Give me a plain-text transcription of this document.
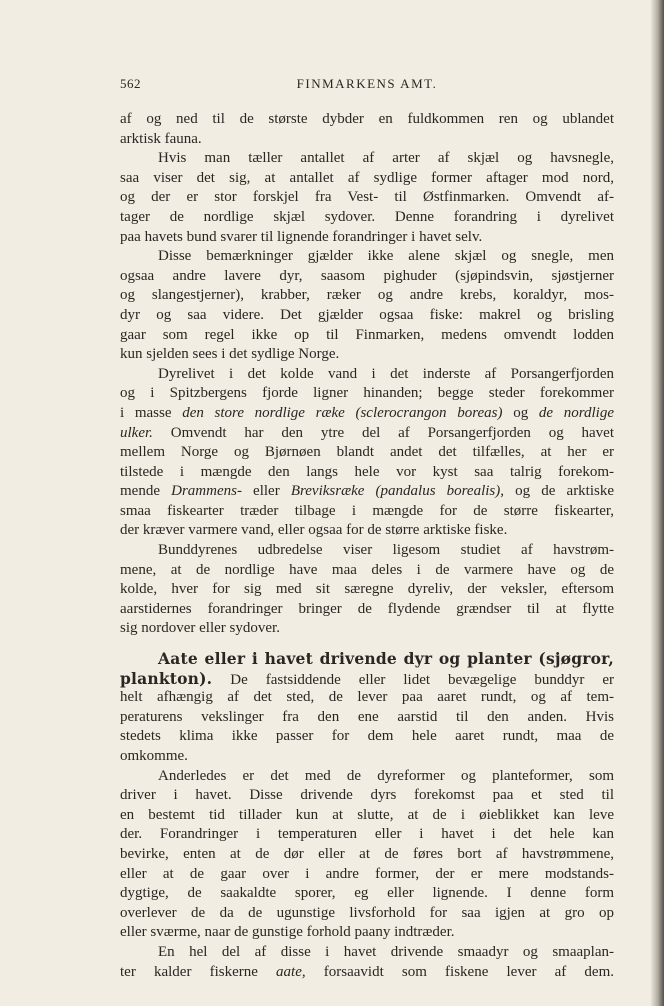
562	FINMARKENS AMT.
af og ned til de største dybder en fuldkommen ren og ublandet
arktisk fauna.
Hvis man tæller antallet af arter af skjæl og havsnegle,
saa viser det sig, at antallet af sydlige former aftager mod nord,
og der er stor forskjel fra Vest- til Østfinmarken. Omvendt af-
tager de nordlige skjæl sydover. Denne forandring i dyrelivet
paa havets bund svarer til lignende forandringer i havet selv.
Disse bemærkninger gjælder ikke alene skjæl og snegle, men
ogsaa andre lavere dyr, saasom pighuder (sjøpindsvin, sjøstjerner
og slangestjerner), krabber, ræker og andre krebs, koraldyr, mos-
dyr og saa videre. Det gjælder ogsaa fiske: makrel og brisling
gaar som regel ikke op til Finmarken, medens omvendt lodden
kun sjelden sees i det sydlige Norge.
Dyrelivet i det kolde vand i det inderste af Porsangerfjorden
og i Spitzbergens fjorde ligner hinanden; begge steder forekommer
i masse den store nordlige ræke (sclerocrangon boreas) og de nordlige
ulker. Omvendt har den ytre del af Porsangerfjorden og havet
mellem Norge og Bjørnøen blandt andet det tilfælles, at her er
tilstede i mængde den langs hele vor kyst saa talrig forekom-
mende Drammens- eller Breviksræke (pandalus borealis), og de arktiske
smaa fiskearter træder tilbage i mængde for de større fiskearter,
der kræver varmere vand, eller ogsaa for de større arktiske fiske.
Bunddyrenes udbredelse viser ligesom studiet af havstrøm-
mene, at de nordlige have maa deles i de varmere have og de
kolde, hver for sig med sit særegne dyreliv, der veksler, eftersom
aarstidernes forandringer bringer de flydende grændser til at flytte
sig nordover eller sydover.
Aate eller i havet drivende dyr og planter (sjøgror,
plankton). De fastsiddende eller lidet bevægelige bunddyr er
helt afhængig af det sted, de lever paa aaret rundt, og af tem-
peraturens vekslinger fra den ene aarstid til den anden. Hvis
stedets klima ikke passer for dem hele aaret rundt, maa de
omkomme.
Anderledes er det med de dyreformer og planteformer, som
driver i havet. Disse drivende dyrs forekomst paa et sted til
en bestemt tid tillader kun at slutte, at de i øieblikket kan leve
der. Forandringer i temperaturen eller i havet i det hele kan
bevirke, enten at de dør eller at de føres bort af havstrømmene,
eller at de gaar over i andre former, der er mere modstands-
dygtige, de saakaldte sporer, eg eller lignende. I denne form
overlever de da de ugunstige livsforhold for saa igjen at gro op
eller sværme, naar de gunstige forhold paany indtræder.
En hel del af disse i havet drivende smaadyr og smaaplan-
ter kalder fiskerne aate, forsaavidt som fiskene lever af dem.
